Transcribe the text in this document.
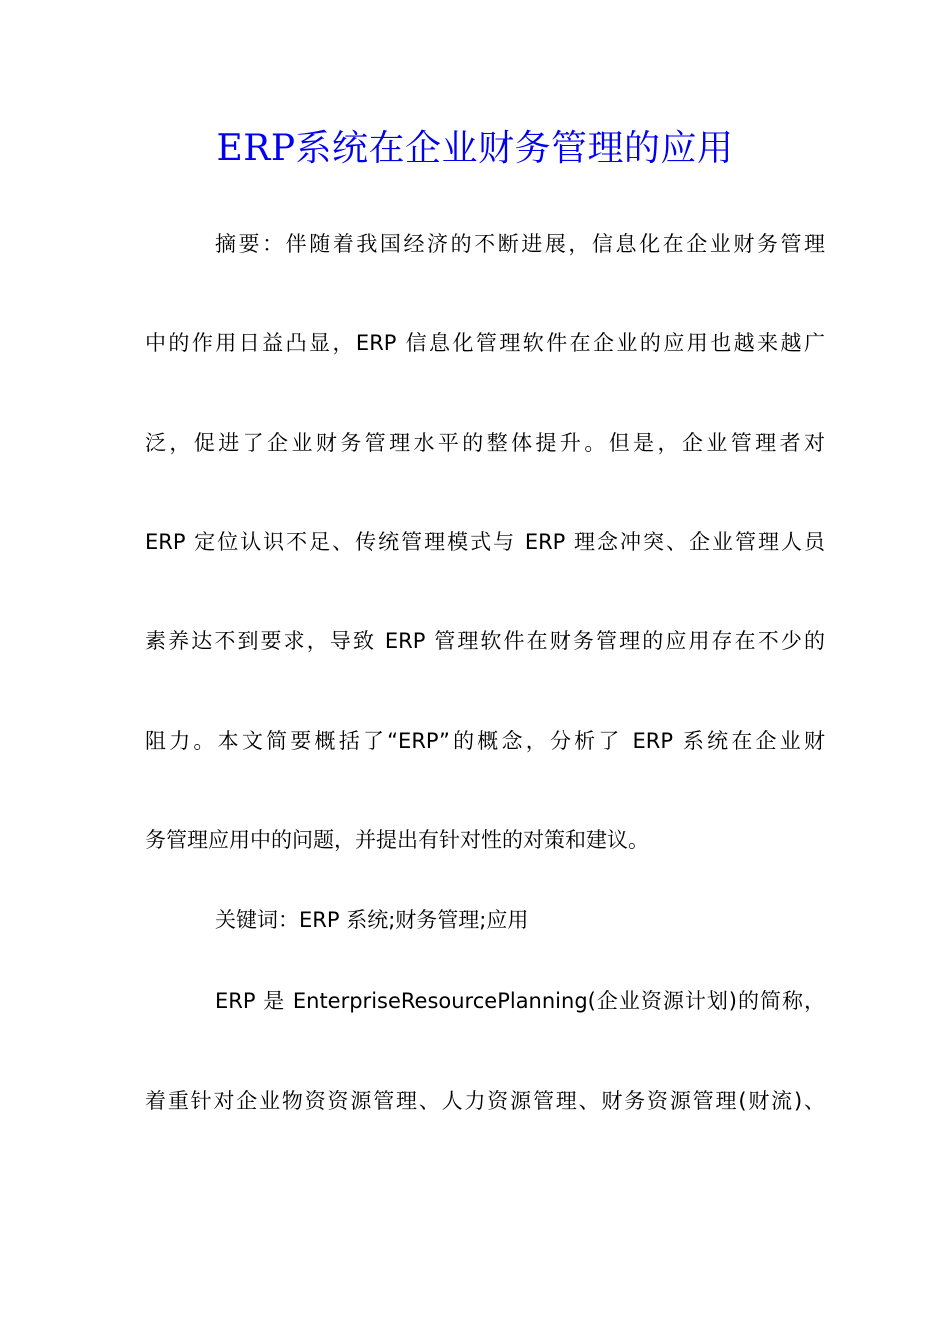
ERP系统在企业财务管理的应用
摘要：伴随着我国经济的不断进展，信息化在企业财务管理
中的作用日益凸显，ERP 信息化管理软件在企业的应用也越来越广
泛，促进了企业财务管理水平的整体提升。但是，企业管理者对
ERP 定位认识不足、传统管理模式与 ERP 理念冲突、企业管理人员
素养达不到要求，导致 ERP 管理软件在财务管理的应用存在不少的
阻力。本文简要概括了“ERP”的概念，分析了 ERP 系统在企业财
务管理应用中的问题，并提出有针对性的对策和建议。
关键词：ERP 系统;财务管理;应用
ERP 是 EnterpriseResourcePlanning(企业资源计划)的简称，
着重针对企业物资资源管理、人力资源管理、财务资源管理(财流)、
